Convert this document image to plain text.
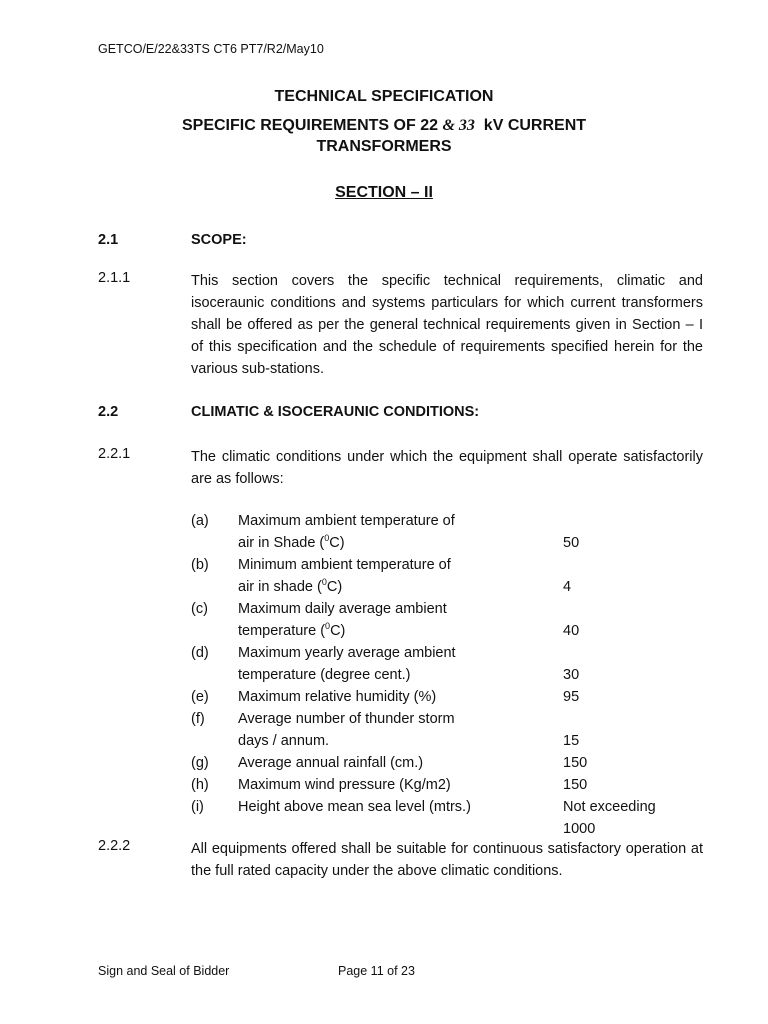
GETCO/E/22&33TS CT6 PT7/R2/May10
TECHNICAL SPECIFICATION
SPECIFIC REQUIREMENTS OF 22 & 33  kV CURRENT
TRANSFORMERS
SECTION – II
2.1	SCOPE:
2.1.1	This section covers the specific technical requirements, climatic and isoceraunic conditions and systems particulars for which current transformers shall be offered as per the general technical requirements given in Section – I of this specification and the schedule of requirements specified herein for the various sub-stations.
2.2	CLIMATIC & ISOCERAUNIC CONDITIONS:
2.2.1	The climatic conditions under which the equipment shall operate satisfactorily are as follows:
(a) Maximum ambient temperature of
air in Shade ($^0$C)	50
(b) Minimum ambient temperature of
air in shade ($^0$C)	4
(c) Maximum daily average ambient
temperature ($^0$C)	40
(d) Maximum yearly average ambient
temperature (degree cent.)	30
(e) Maximum relative humidity (%)	95
(f) Average number of thunder storm
days / annum.	15
(g) Average annual rainfall (cm.)	150
(h) Maximum wind pressure (Kg/m2)	150
(i) Height above mean sea level (mtrs.)	Not exceeding
1000
2.2.2	All equipments offered shall be suitable for continuous satisfactory operation at the full rated capacity under the above climatic conditions.
Sign and Seal of Bidder	Page 11 of 23
